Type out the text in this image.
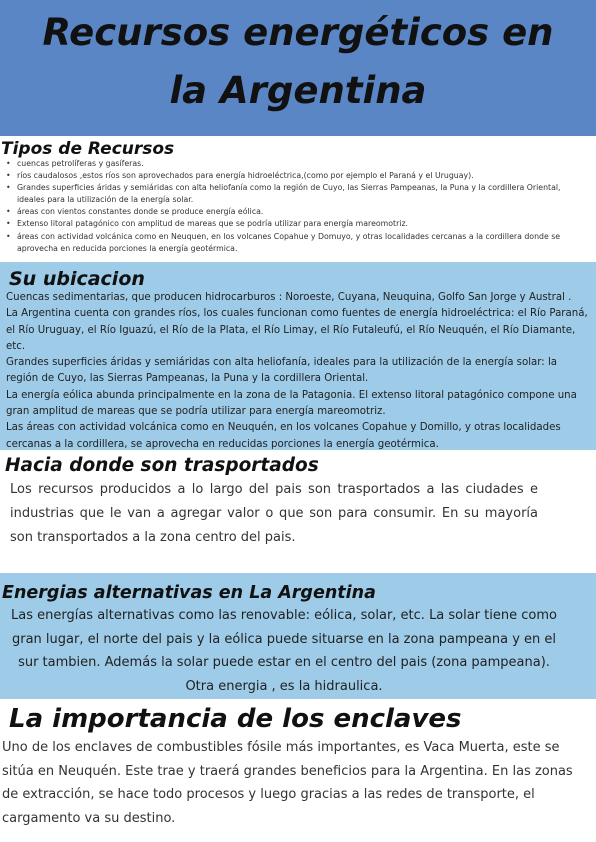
Recursos energéticos en
la Argentina
Tipos de Recursos
• cuencas petrolíferas y gasíferas.
• ríos caudalosos ,estos ríos son aprovechados para energía hidroeléctrica,(como por ejemplo el Paraná y el Uruguay).
• Grandes superficies áridas y semiáridas con alta heliofanía como la región de Cuyo, las Sierras Pampeanas, la Puna y la cordillera Oriental, ideales para la utilización de la energía solar.
• áreas con vientos constantes donde se produce energía eólica.
• Extenso litoral patagónico con amplitud de mareas que se podría utilizar para energía mareomotriz.
• áreas con actividad volcánica como en Neuquen, en los volcanes Copahue y Domuyo, y otras localidades cercanas a la cordillera donde se aprovecha en reducida porciones la energía geotérmica.
Su ubicacion

Cuencas sedimentarias, que producen hidrocarburos : Noroeste, Cuyana, Neuquina, Golfo San Jorge y Austral .
La Argentina cuenta con grandes ríos, los cuales funcionan como fuentes de energía hidroeléctrica: el Río Paraná, el Río Uruguay, el Río Iguazú, el Río de la Plata, el Río Limay, el Río Futaleufú, el Río Neuquén, el Río Diamante, etc.
Grandes superficies áridas y semiáridas con alta heliofanía, ideales para la utilización de la energía solar: la región de Cuyo, las Sierras Pampeanas, la Puna y la cordillera Oriental.
La energía eólica abunda principalmente en la zona de la Patagonia. El extenso litoral patagónico compone una gran amplitud de mareas que se podría utilizar para energía mareomotriz.
Las áreas con actividad volcánica como en Neuquén, en los volcanes Copahue y Domillo, y otras localidades cercanas a la cordillera, se aprovecha en reducidas porciones la energía geotérmica.

Hacia donde son trasportados

Los recursos producidos a lo largo del pais son trasportados a las ciudades e industrias que le van a agregar valor o que son para consumir. En su mayoría son transportados a la zona centro del pais.

Energias alternativas en La Argentina

Las energías alternativas como las renovable: eólica, solar, etc. La solar tiene como gran lugar, el norte del pais y la eólica puede situarse en la zona pampeana y en el sur tambien. Además la solar puede estar en el centro del pais (zona pampeana). Otra energia , es la hidraulica.

La importancia de los enclaves

Uno de los enclaves de combustibles fósile más importantes, es Vaca Muerta, este se sitúa en Neuquén. Este trae y traerá grandes beneficios para la Argentina. En las zonas de extracción, se hace todo procesos y luego gracias a las redes de transporte, el cargamento va su destino.
